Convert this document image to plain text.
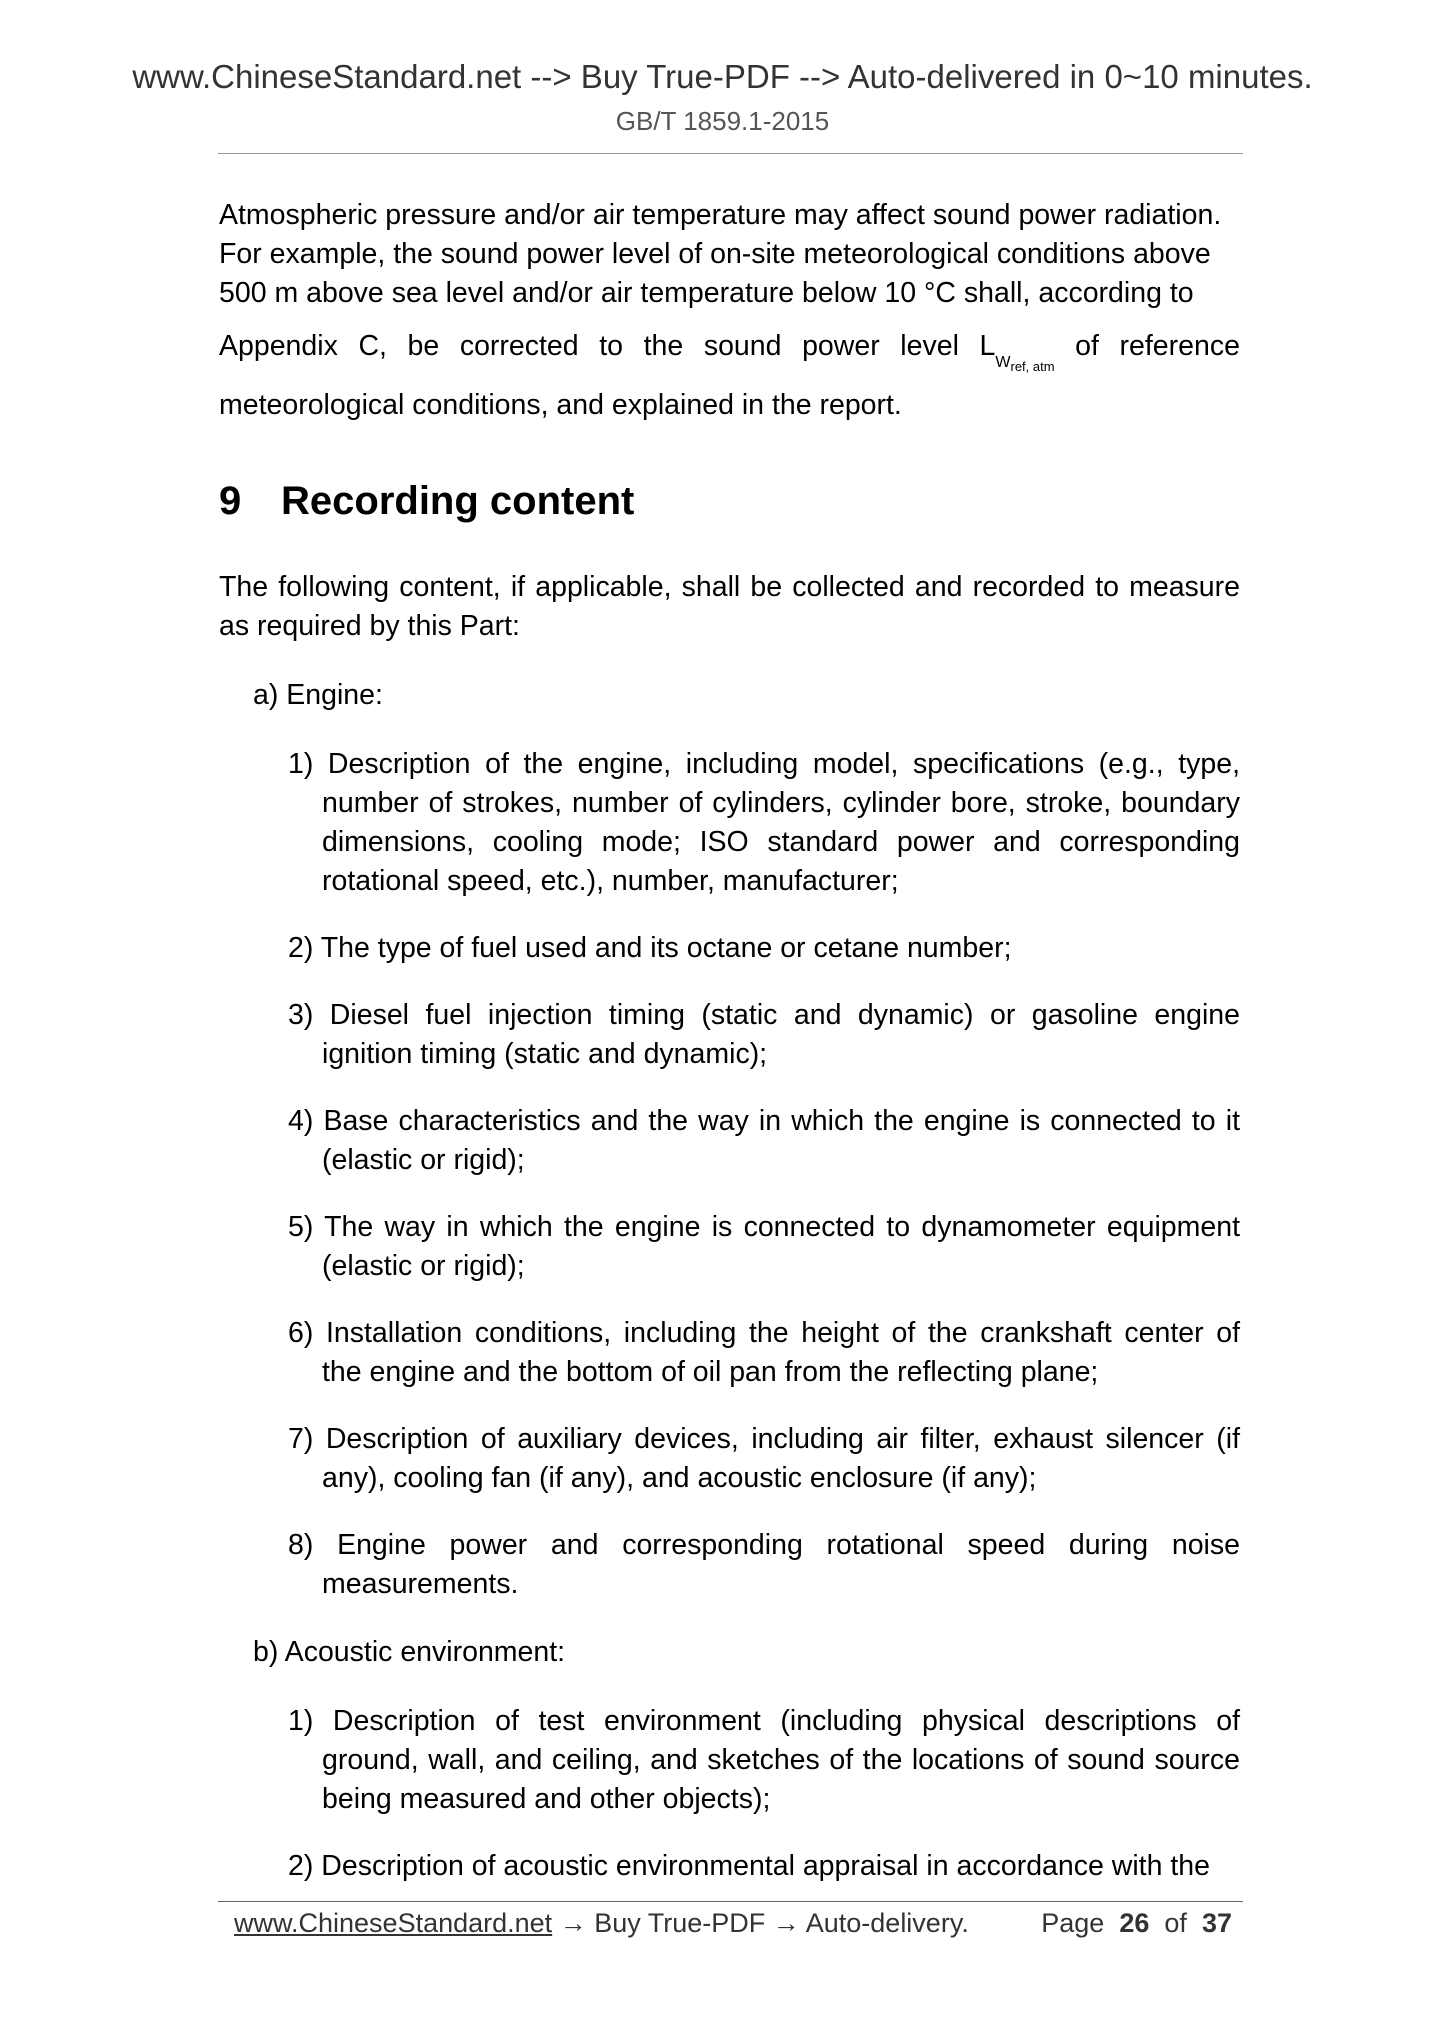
www.ChineseStandard.net --> Buy True-PDF --> Auto-delivered in 0~10 minutes.
GB/T 1859.1-2015

Atmospheric pressure and/or air temperature may affect sound power radiation.

For example, the sound power level of on-site meteorological conditions above

500 m above sea level and/or air temperature below 10 °C shall, according to

Appendix C, be corrected to the sound power level $L_{Wref, atm}$
of reference

meteorological conditions, and explained in the report.

9 Recording content

The following content, if applicable, shall be collected and recorded to measure as required by this Part:

a) Engine:

1) Description of the engine, including model, specifications (e.g., type, number of strokes, number of cylinders, cylinder bore, stroke, boundary dimensions, cooling mode; ISO standard power and corresponding rotational speed, etc.), number, manufacturer;

2) The type of fuel used and its octane or cetane number;

3) Diesel fuel injection timing (static and dynamic) or gasoline engine ignition timing (static and dynamic);

4) Base characteristics and the way in which the engine is connected to it (elastic or rigid);

5) The way in which the engine is connected to dynamometer equipment (elastic or rigid);

6) Installation conditions, including the height of the crankshaft center of the engine and the bottom of oil pan from the reflecting plane;

7) Description of auxiliary devices, including air filter, exhaust silencer (if any), cooling fan (if any), and acoustic enclosure (if any);

8) Engine power and corresponding rotational speed during noise measurements.

b) Acoustic environment:

1) Description of test environment (including physical descriptions of ground, wall, and ceiling, and sketches of the locations of sound source being measured and other objects);

2) Description of acoustic environmental appraisal in accordance with the

www.ChineseStandard.net → Buy True-PDF → Auto-delivery.	Page 26 of 37
